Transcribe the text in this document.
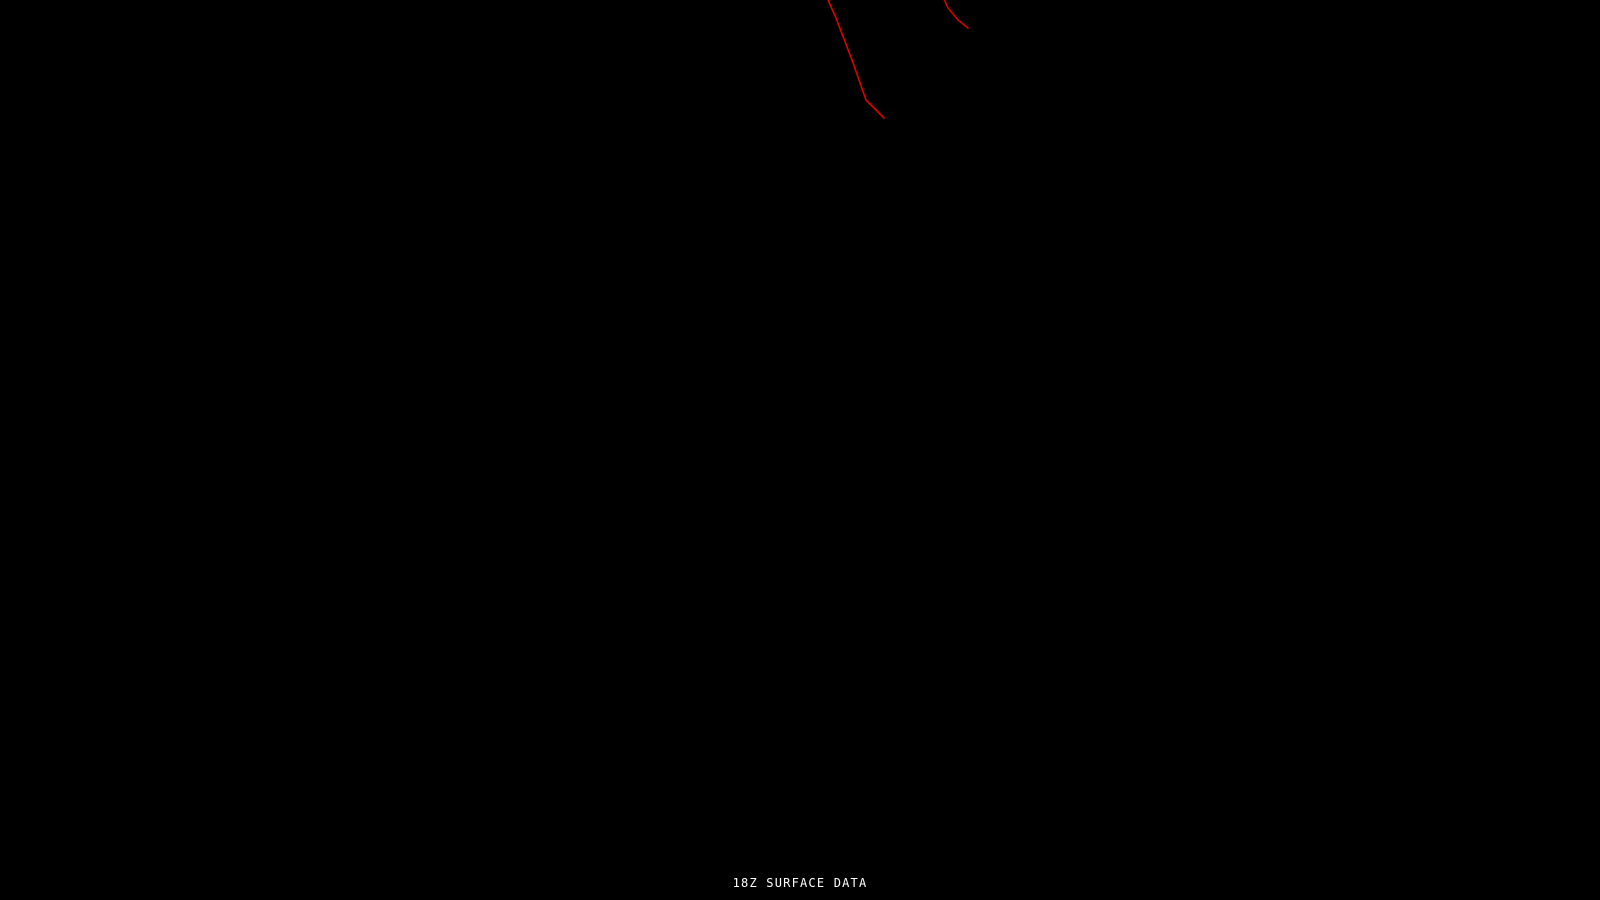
18Z SURFACE DATA
